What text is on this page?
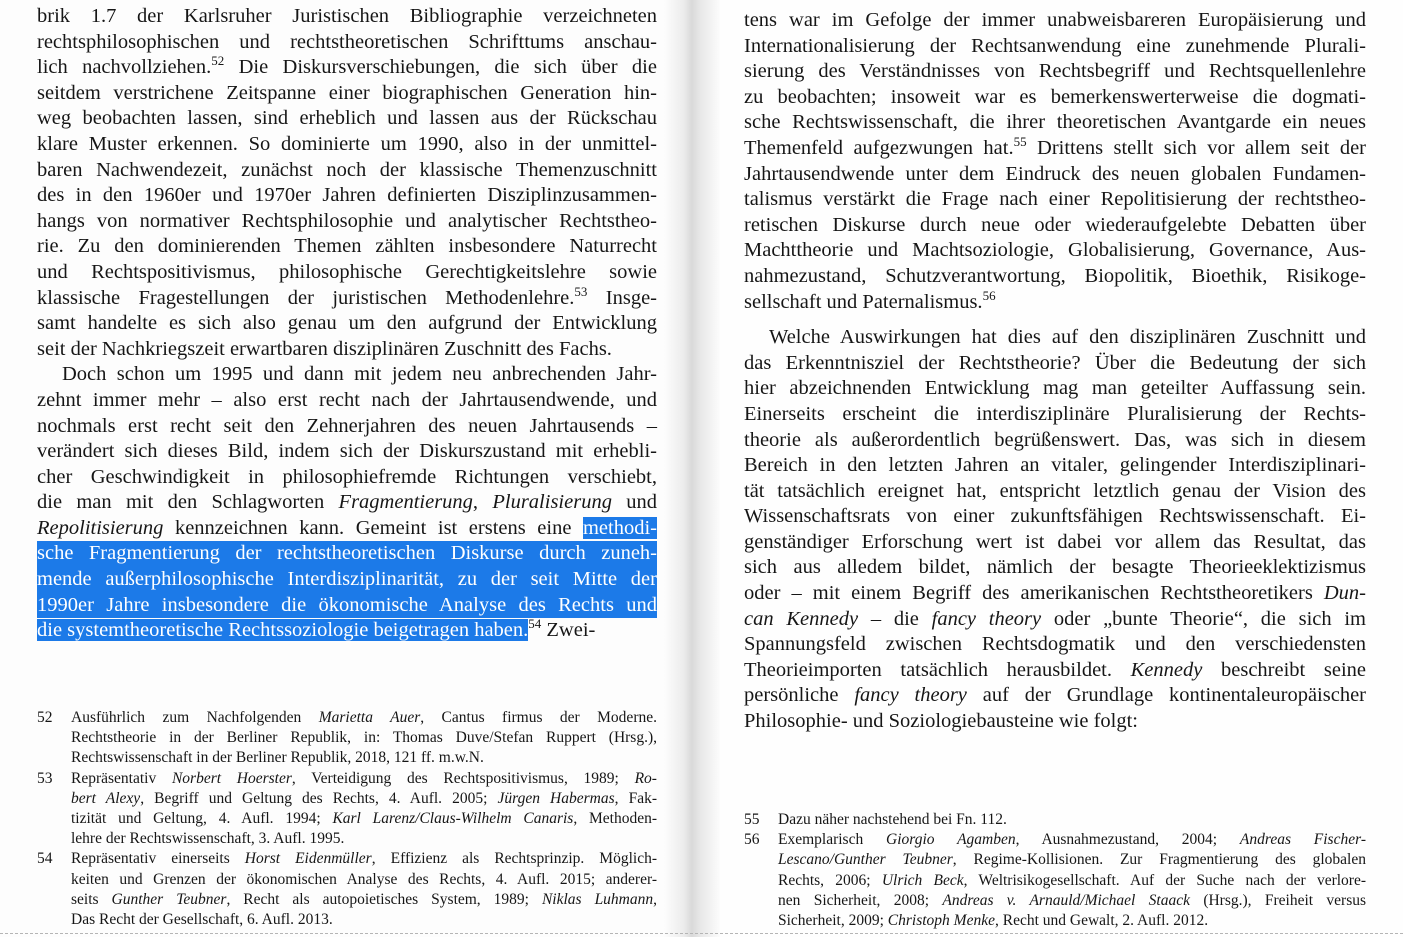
brik 1.7 der Karlsruher Juristischen Bibliographie verzeichneten
rechtsphilosophischen und rechtstheoretischen Schrifttums anschau-
lich nachvollziehen.$^{52}$ Die Diskursverschiebungen, die sich über die
seitdem verstrichene Zeitspanne einer biographischen Generation hin-
weg beobachten lassen, sind erheblich und lassen aus der Rückschau
klare Muster erkennen. So dominierte um 1990, also in der unmittel-
baren Nachwendezeit, zunächst noch der klassische Themenzuschnitt
des in den 1960er und 1970er Jahren definierten Disziplinzusammen-
hangs von normativer Rechtsphilosophie und analytischer Rechtstheo-
rie. Zu den dominierenden Themen zählten insbesondere Naturrecht
und Rechtspositivismus, philosophische Gerechtigkeitslehre sowie
klassische Fragestellungen der juristischen Methodenlehre.$^{53}$ Insge-
samt handelte es sich also genau um den aufgrund der Entwicklung
seit der Nachkriegszeit erwartbaren disziplinären Zuschnitt des Fachs.
Doch schon um 1995 und dann mit jedem neu anbrechenden Jahr-
zehnt immer mehr – also erst recht nach der Jahrtausendwende, und
nochmals erst recht seit den Zehnerjahren des neuen Jahrtausends –
verändert sich dieses Bild, indem sich der Diskurszustand mit erhebli-
cher Geschwindigkeit in philosophiefremde Richtungen verschiebt,
die man mit den Schlagworten Fragmentierung, Pluralisierung und
Repolitisierung kennzeichnen kann. Gemeint ist erstens eine methodi-
sche Fragmentierung der rechtstheoretischen Diskurse durch zuneh-
mende außerphilosophische Interdisziplinarität, zu der seit Mitte der
1990er Jahre insbesondere die ökonomische Analyse des Rechts und
die systemtheoretische Rechtssoziologie beigetragen haben.$^{54}$ Zwei-
52	Ausführlich zum Nachfolgenden Marietta Auer, Cantus firmus der Moderne.
Rechtstheorie in der Berliner Republik, in: Thomas Duve/Stefan Ruppert (Hrsg.),
Rechtswissenschaft in der Berliner Republik, 2018, 121 ff. m.w.N.
53	Repräsentativ Norbert Hoerster, Verteidigung des Rechtspositivismus, 1989; Ro-
bert Alexy, Begriff und Geltung des Rechts, 4. Aufl. 2005; Jürgen Habermas, Fak-
tizität und Geltung, 4. Aufl. 1994; Karl Larenz/Claus-Wilhelm Canaris, Methoden-
lehre der Rechtswissenschaft, 3. Aufl. 1995.
54	Repräsentativ einerseits Horst Eidenmüller, Effizienz als Rechtsprinzip. Möglich-
keiten und Grenzen der ökonomischen Analyse des Rechts, 4. Aufl. 2015; anderer-
seits Gunther Teubner, Recht als autopoietisches System, 1989; Niklas Luhmann,
Das Recht der Gesellschaft, 6. Aufl. 2013.
tens war im Gefolge der immer unabweisbareren Europäisierung und
Internationalisierung der Rechtsanwendung eine zunehmende Plurali-
sierung des Verständnisses von Rechtsbegriff und Rechtsquellenlehre
zu beobachten; insoweit war es bemerkenswerterweise die dogmati-
sche Rechtswissenschaft, die ihrer theoretischen Avantgarde ein neues
Themenfeld aufgezwungen hat.$^{55}$ Drittens stellt sich vor allem seit der
Jahrtausendwende unter dem Eindruck des neuen globalen Fundamen-
talismus verstärkt die Frage nach einer Repolitisierung der rechtstheo-
retischen Diskurse durch neue oder wiederaufgelebte Debatten über
Machttheorie und Machtsoziologie, Globalisierung, Governance, Aus-
nahmezustand, Schutzverantwortung, Biopolitik, Bioethik, Risikoge-
sellschaft und Paternalismus.$^{56}$
Welche Auswirkungen hat dies auf den disziplinären Zuschnitt und
das Erkenntnisziel der Rechtstheorie? Über die Bedeutung der sich
hier abzeichnenden Entwicklung mag man geteilter Auffassung sein.
Einerseits erscheint die interdisziplinäre Pluralisierung der Rechts-
theorie als außerordentlich begrüßenswert. Das, was sich in diesem
Bereich in den letzten Jahren an vitaler, gelingender Interdisziplinari-
tät tatsächlich ereignet hat, entspricht letztlich genau der Vision des
Wissenschaftsrats von einer zukunftsfähigen Rechtswissenschaft. Ei-
genständiger Erforschung wert ist dabei vor allem das Resultat, das
sich aus alledem bildet, nämlich der besagte Theorieeklektizismus
oder – mit einem Begriff des amerikanischen Rechtstheoretikers Dun-
can Kennedy – die fancy theory oder „bunte Theorie“, die sich im
Spannungsfeld zwischen Rechtsdogmatik und den verschiedensten
Theorieimporten tatsächlich herausbildet. Kennedy beschreibt seine
persönliche fancy theory auf der Grundlage kontinentaleuropäischer
Philosophie- und Soziologiebausteine wie folgt:
55	Dazu näher nachstehend bei Fn. 112.
56	Exemplarisch Giorgio Agamben, Ausnahmezustand, 2004; Andreas Fischer-
Lescano/Gunther Teubner, Regime-Kollisionen. Zur Fragmentierung des globalen
Rechts, 2006; Ulrich Beck, Weltrisikogesellschaft. Auf der Suche nach der verlore-
nen Sicherheit, 2008; Andreas v. Arnauld/Michael Staack (Hrsg.), Freiheit versus
Sicherheit, 2009; Christoph Menke, Recht und Gewalt, 2. Aufl. 2012.
